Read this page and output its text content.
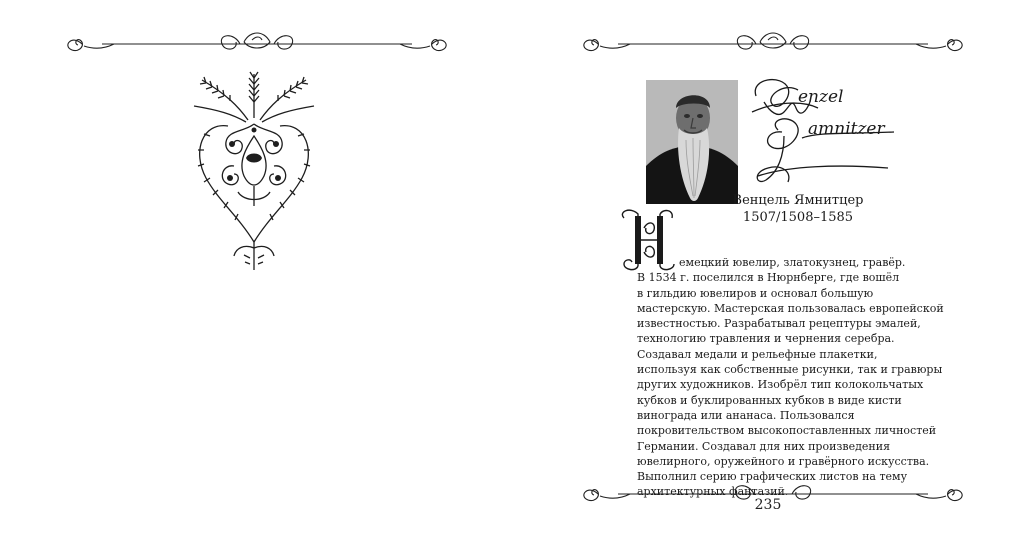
enzel
amnitzer
Венцель Ямнитцер
1507/1508–1585
емецкий ювелир, златокузнец, гравёр.
В 1534 г. поселился в Нюрнберге, где вошёл
в гильдию ювелиров и основал большую
мастерскую. Мастерская пользовалась европейской
известностью. Разрабатывал рецептуры эмалей,
технологию травления и чернения серебра.
Создавал медали и рельефные плакетки,
используя как собственные рисунки, так и гравюры
других художников. Изобрёл тип колокольчатых
кубков и буклированных кубков в виде кисти
винограда или ананаса. Пользовался
покровительством высокопоставленных личностей
Германии. Создавал для них произведения
ювелирного, оружейного и гравёрного искусства.
Выполнил серию графических листов на тему
архитектурных фантазий.
235
